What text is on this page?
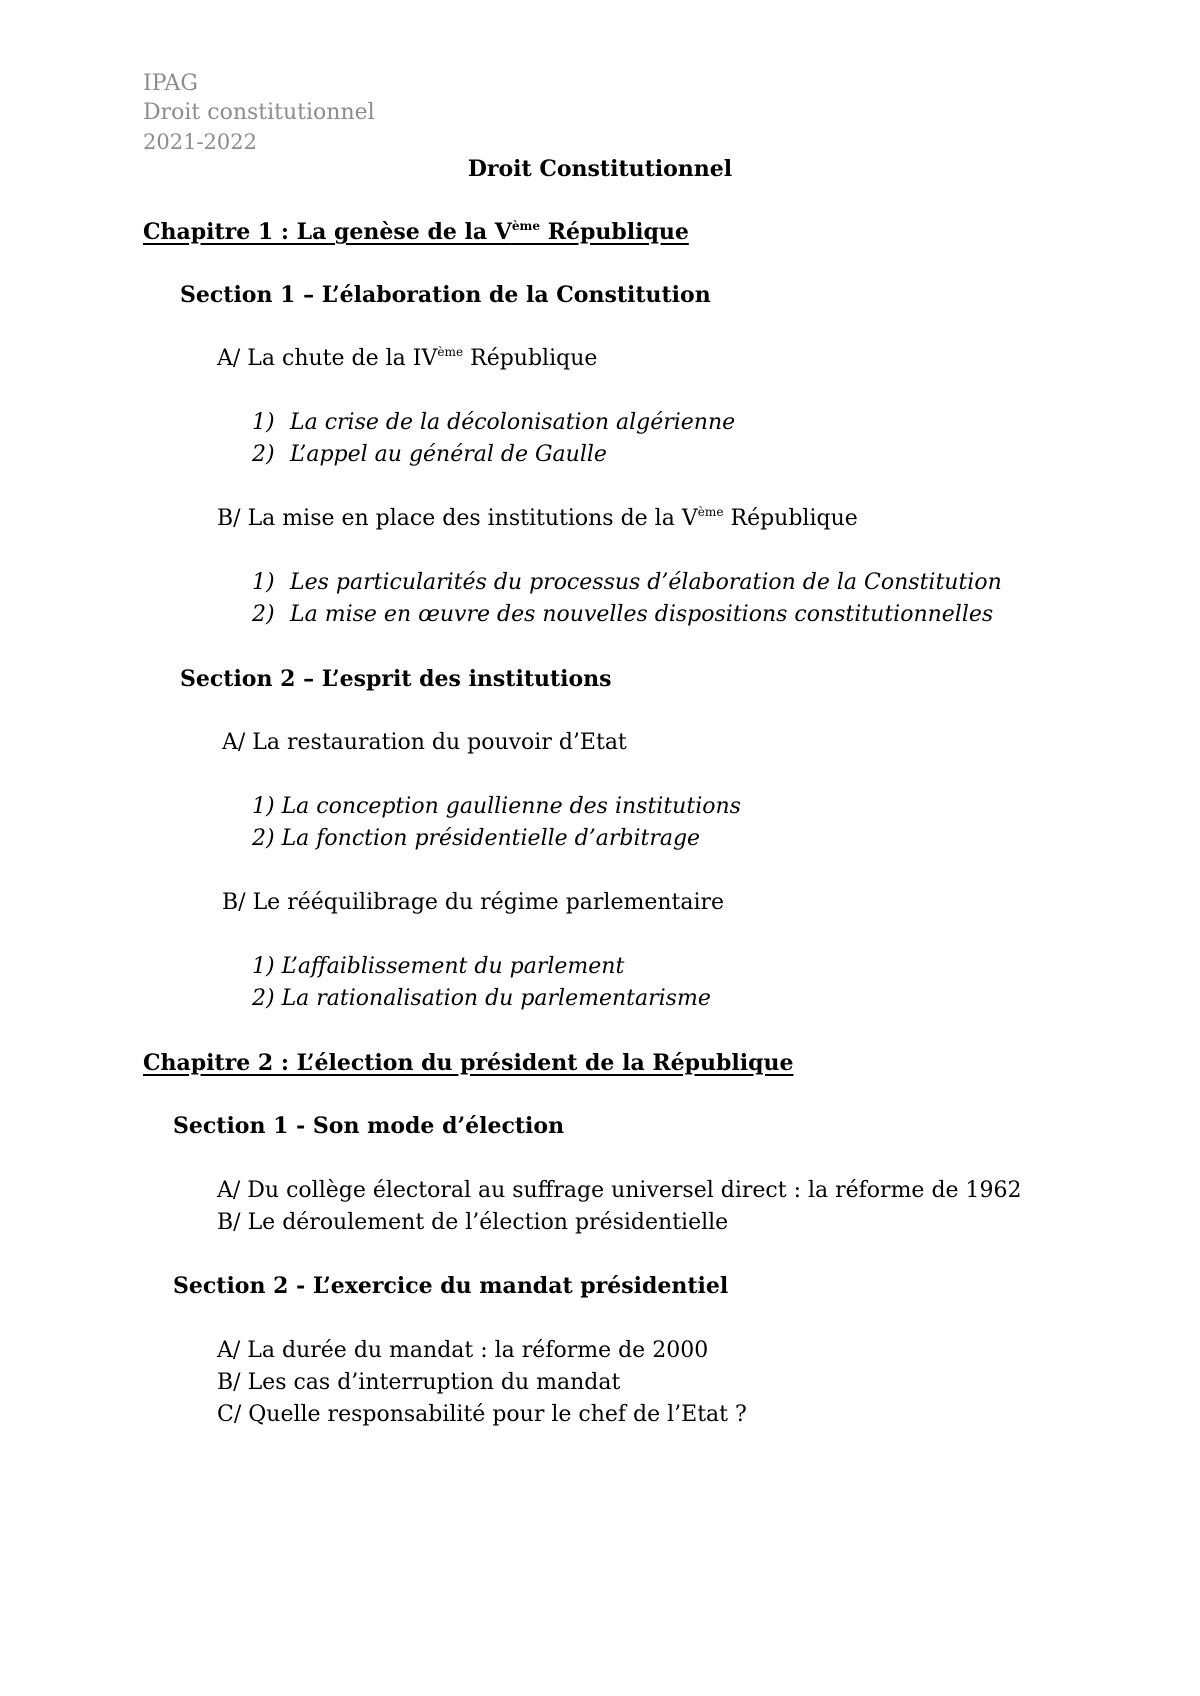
IPAG
Droit constitutionnel
2021-2022
Droit Constitutionnel
Chapitre 1 : La genèse de la Vème République
Section 1 – L’élaboration de la Constitution
A/ La chute de la IVème République
1) La crise de la décolonisation algérienne
2) L’appel au général de Gaulle
B/ La mise en place des institutions de la Vème République
1) Les particularités du processus d’élaboration de la Constitution
2) La mise en œuvre des nouvelles dispositions constitutionnelles
Section 2 – L’esprit des institutions
A/ La restauration du pouvoir d’Etat
1) La conception gaullienne des institutions
2) La fonction présidentielle d’arbitrage
B/ Le rééquilibrage du régime parlementaire
1) L’affaiblissement du parlement
2) La rationalisation du parlementarisme
Chapitre 2 : L’élection du président de la République
Section 1 - Son mode d’élection
A/ Du collège électoral au suffrage universel direct : la réforme de 1962
B/ Le déroulement de l’élection présidentielle
Section 2 - L’exercice du mandat présidentiel
A/ La durée du mandat : la réforme de 2000
B/ Les cas d’interruption du mandat
C/ Quelle responsabilité pour le chef de l’Etat ?
